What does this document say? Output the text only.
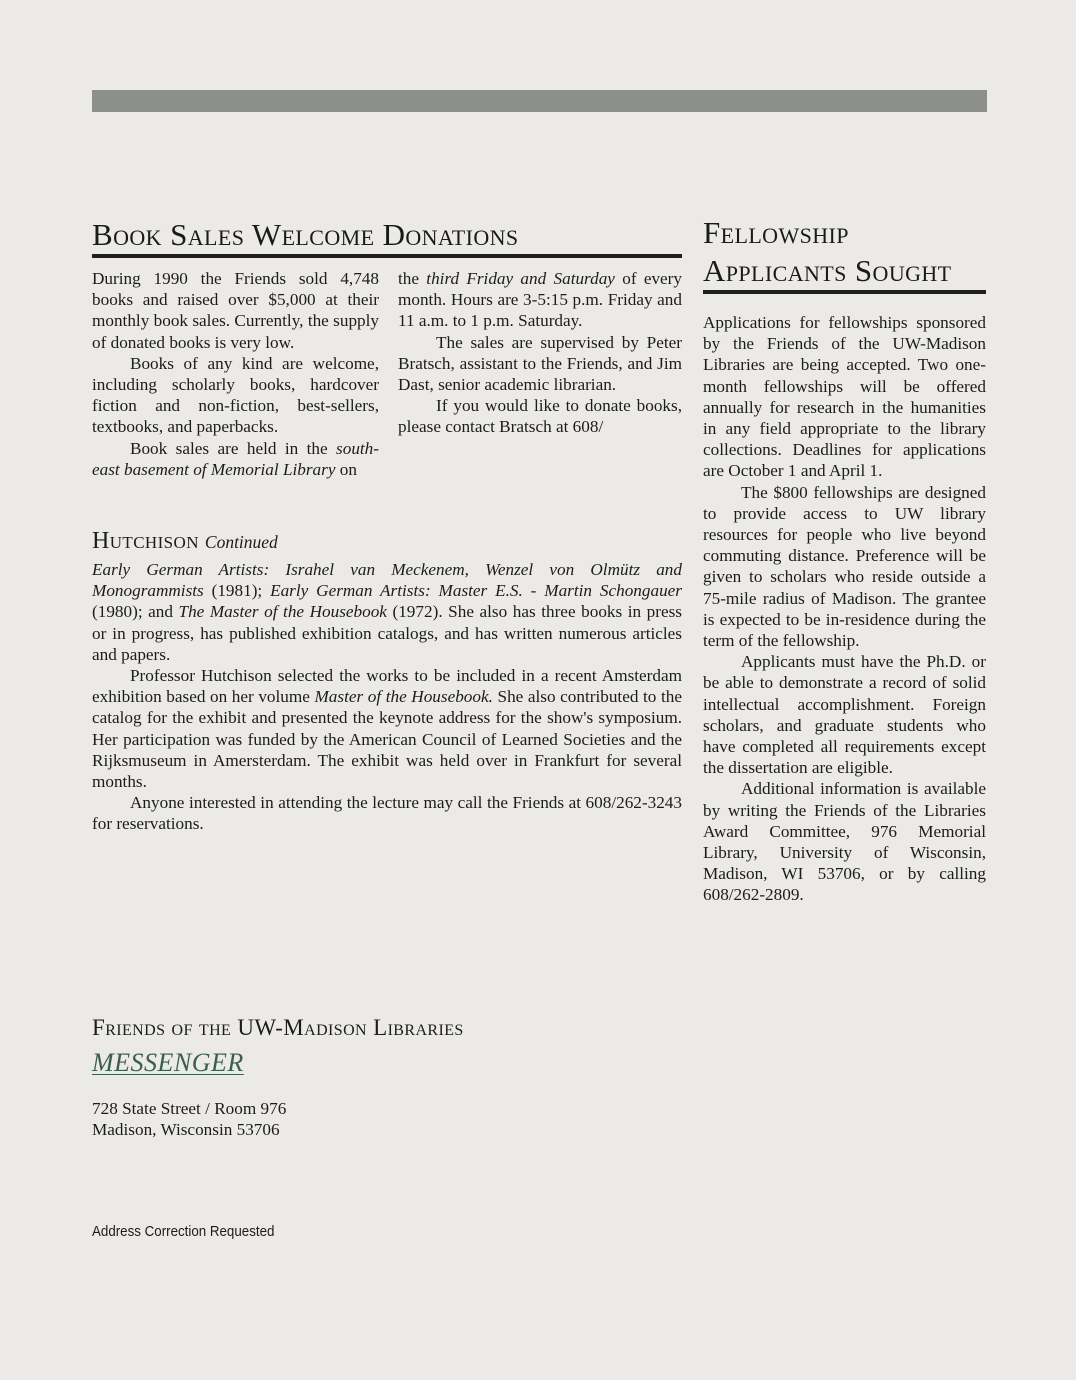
Book Sales Welcome Donations

During 1990 the Friends sold 4,748 books and raised over $5,000 at their monthly book sales. Currently, the supply of donated books is very low.

Books of any kind are welcome, including scholarly books, hardcover fiction and non-fiction, best-sellers, textbooks, and paperbacks.

Book sales are held in the south-east basement of Memorial Library on

the third Friday and Saturday of every month. Hours are 3-5:15 p.m. Friday and 11 a.m. to 1 p.m. Saturday.

The sales are supervised by Peter Bratsch, assistant to the Friends, and Jim Dast, senior academic librarian.

If you would like to donate books, please contact Bratsch at 608/

Hutchison Continued

Early German Artists: Israhel van Meckenem, Wenzel von Olmütz and Monogrammists (1981); Early German Artists: Master E.S. - Martin Schongauer (1980); and The Master of the Housebook (1972). She also has three books in press or in progress, has published exhibition catalogs, and has written numerous articles and papers.

Professor Hutchison selected the works to be included in a recent Amsterdam exhibition based on her volume Master of the Housebook. She also contributed to the catalog for the exhibit and presented the keynote address for the show's symposium. Her participation was funded by the American Council of Learned Societies and the Rijksmuseum in Amersterdam. The exhibit was held over in Frankfurt for several months.

Anyone interested in attending the lecture may call the Friends at 608/262-3243 for reservations.

Fellowship
Applicants Sought

Applications for fellowships sponsored by the Friends of the UW-Madison Libraries are being accepted. Two one-month fellowships will be offered annually for research in the humanities in any field appropriate to the library collections. Deadlines for applications are October 1 and April 1.

The $800 fellowships are designed to provide access to UW library resources for people who live beyond commuting distance. Preference will be given to scholars who reside outside a 75-mile radius of Madison. The grantee is expected to be in-residence during the term of the fellowship.

Applicants must have the Ph.D. or be able to demonstrate a record of solid intellectual accomplishment. Foreign scholars, and graduate students who have completed all requirements except the dissertation are eligible.

Additional information is available by writing the Friends of the Libraries Award Committee, 976 Memorial Library, University of Wisconsin, Madison, WI 53706, or by calling 608/262-2809.

Friends of the UW-Madison Libraries
MESSENGER
728 State Street / Room 976
Madison, Wisconsin 53706
Address Correction Requested
